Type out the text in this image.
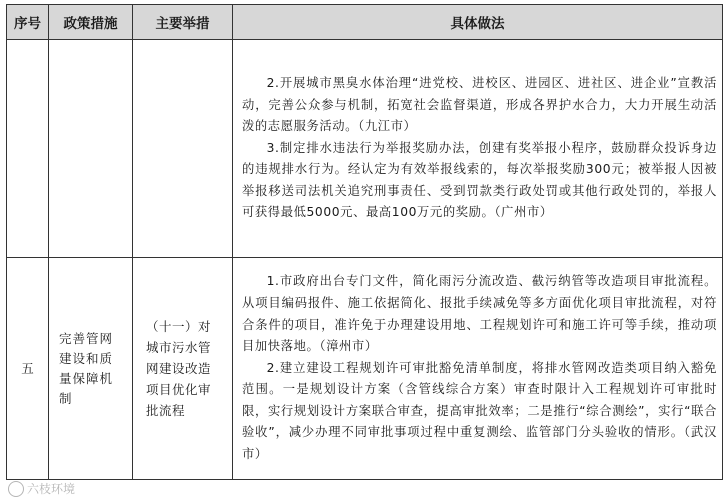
序号	政策措施	主要举措	具体做法

			2.开展城市黑臭水体治理“进党校、进校区、进园区、进社区、进企业”宣教活动，完善公众参与机制，拓宽社会监督渠道，形成各界护水合力，大力开展生动活泼的志愿服务活动。（九江市）

3.制定排水违法行为举报奖励办法，创建有奖举报小程序，鼓励群众投诉身边的违规排水行为。经认定为有效举报线索的，每次举报奖励300元；被举报人因被举报移送司法机关追究刑事责任、受到罚款类行政处罚或其他行政处罚的，举报人可获得最低5000元、最高100万元的奖励。（广州市）

五	完善管网建设和质量保障机制	（十一）对城市污水管网建设改造项目优化审批流程	1.市政府出台专门文件，简化雨污分流改造、截污纳管等改造项目审批流程。从项目编码报件、施工依据简化、报批手续减免等多方面优化项目审批流程，对符合条件的项目，准许免于办理建设用地、工程规划许可和施工许可等手续，推动项目加快落地。（漳州市）

2.建立建设工程规划许可审批豁免清单制度，将排水管网改造类项目纳入豁免范围。一是规划设计方案（含管线综合方案）审查时限计入工程规划许可审批时限，实行规划设计方案联合审查，提高审批效率；二是推行“综合测绘”，实行“联合验收”，减少办理不同审批事项过程中重复测绘、监管部门分头验收的情形。（武汉市）

六枝环境
